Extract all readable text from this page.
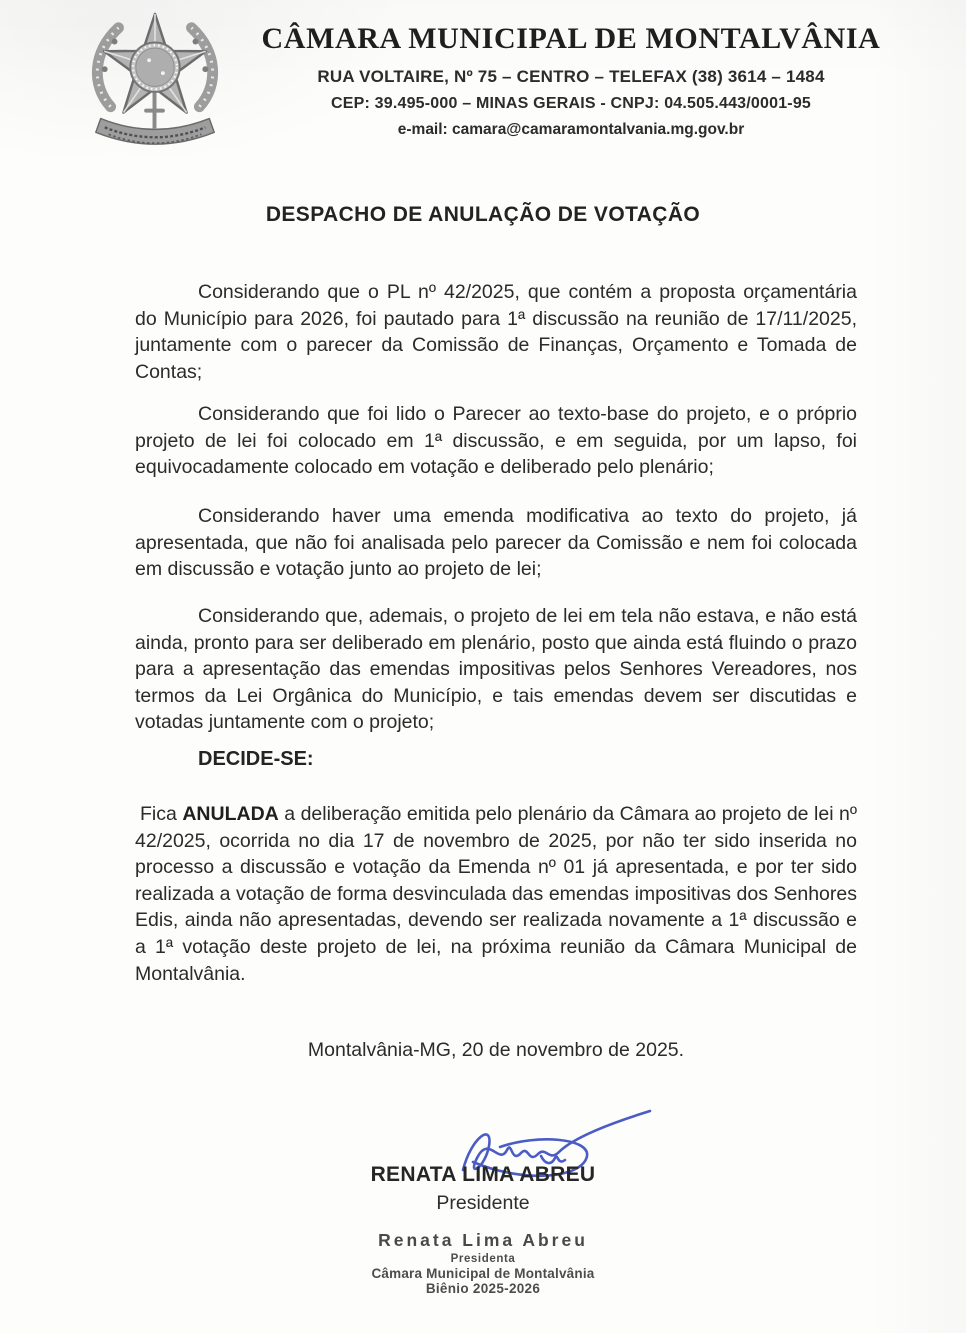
CÂMARA MUNICIPAL DE MONTALVÂNIA
RUA VOLTAIRE, Nº 75 – CENTRO – TELEFAX (38) 3614 – 1484
CEP: 39.495-000 – MINAS GERAIS - CNPJ: 04.505.443/0001-95
e-mail: camara@camaramontalvania.mg.gov.br
DESPACHO DE ANULAÇÃO DE VOTAÇÃO

Considerando que o PL nº 42/2025, que contém a proposta orçamentária do Município para 2026, foi pautado para 1ª discussão na reunião de 17/11/2025, juntamente com o parecer da Comissão de Finanças, Orçamento e Tomada de Contas;

Considerando que foi lido o Parecer ao texto-base do projeto, e o próprio projeto de lei foi colocado em 1ª discussão, e em seguida, por um lapso, foi equivocadamente colocado em votação e deliberado pelo plenário;

Considerando haver uma emenda modificativa ao texto do projeto, já apresentada, que não foi analisada pelo parecer da Comissão e nem foi colocada em discussão e votação junto ao projeto de lei;

Considerando que, ademais, o projeto de lei em tela não estava, e não está ainda, pronto para ser deliberado em plenário, posto que ainda está fluindo o prazo para a apresentação das emendas impositivas pelos Senhores Vereadores, nos termos da Lei Orgânica do Município, e tais emendas devem ser discutidas e votadas juntamente com o projeto;

DECIDE-SE:

Fica ANULADA a deliberação emitida pelo plenário da Câmara ao projeto de lei nº 42/2025, ocorrida no dia 17 de novembro de 2025, por não ter sido inserida no processo a discussão e votação da Emenda nº 01 já apresentada, e por ter sido realizada a votação de forma desvinculada das emendas impositivas dos Senhores Edis, ainda não apresentadas, devendo ser realizada novamente a 1ª discussão e a 1ª votação deste projeto de lei, na próxima reunião da Câmara Municipal de Montalvânia.

Montalvânia-MG, 20 de novembro de 2025.

RENATA LIMA ABREU
Presidente
Renata Lima Abreu
Presidenta
Câmara Municipal de Montalvânia
Biênio 2025-2026
